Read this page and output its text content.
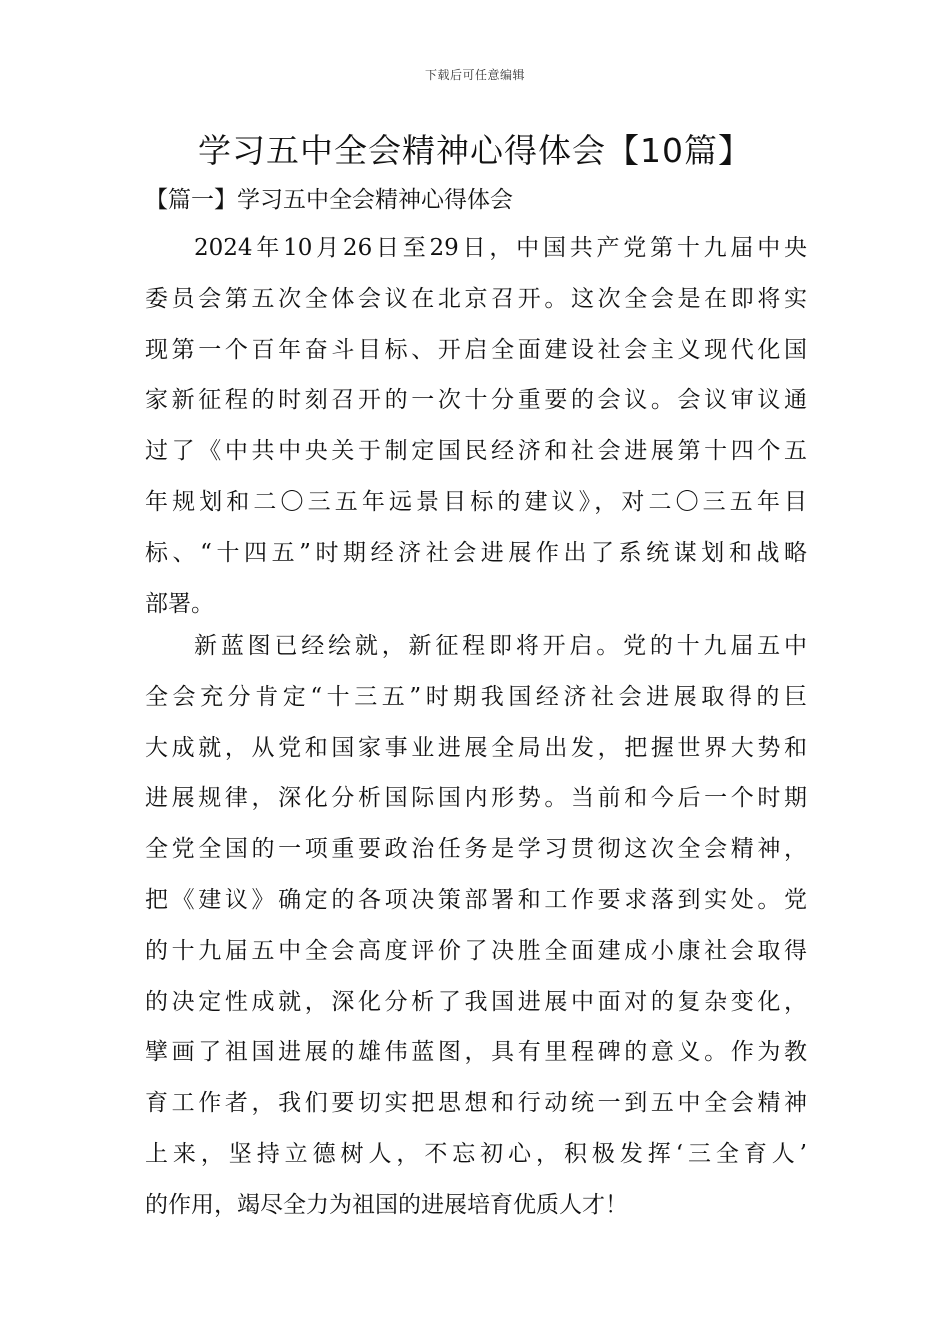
下载后可任意编辑
学习五中全会精神心得体会【10篇】
【篇一】学习五中全会精神心得体会
2024年10月26日至29日，中国共产党第十九届中央
委员会第五次全体会议在北京召开。这次全会是在即将实
现第一个百年奋斗目标、开启全面建设社会主义现代化国
家新征程的时刻召开的一次十分重要的会议。会议审议通
过了《中共中央关于制定国民经济和社会进展第十四个五
年规划和二〇三五年远景目标的建议》，对二〇三五年目
标、“十四五”时期经济社会进展作出了系统谋划和战略
部署。
新蓝图已经绘就，新征程即将开启。党的十九届五中
全会充分肯定“十三五”时期我国经济社会进展取得的巨
大成就，从党和国家事业进展全局出发，把握世界大势和
进展规律，深化分析国际国内形势。当前和今后一个时期
全党全国的一项重要政治任务是学习贯彻这次全会精神，
把《建议》确定的各项决策部署和工作要求落到实处。党
的十九届五中全会高度评价了决胜全面建成小康社会取得
的决定性成就，深化分析了我国进展中面对的复杂变化，
擘画了祖国进展的雄伟蓝图，具有里程碑的意义。作为教
育工作者，我们要切实把思想和行动统一到五中全会精神
上来，坚持立德树人，不忘初心，积极发挥‘三全育人’
的作用，竭尽全力为祖国的进展培育优质人才！
